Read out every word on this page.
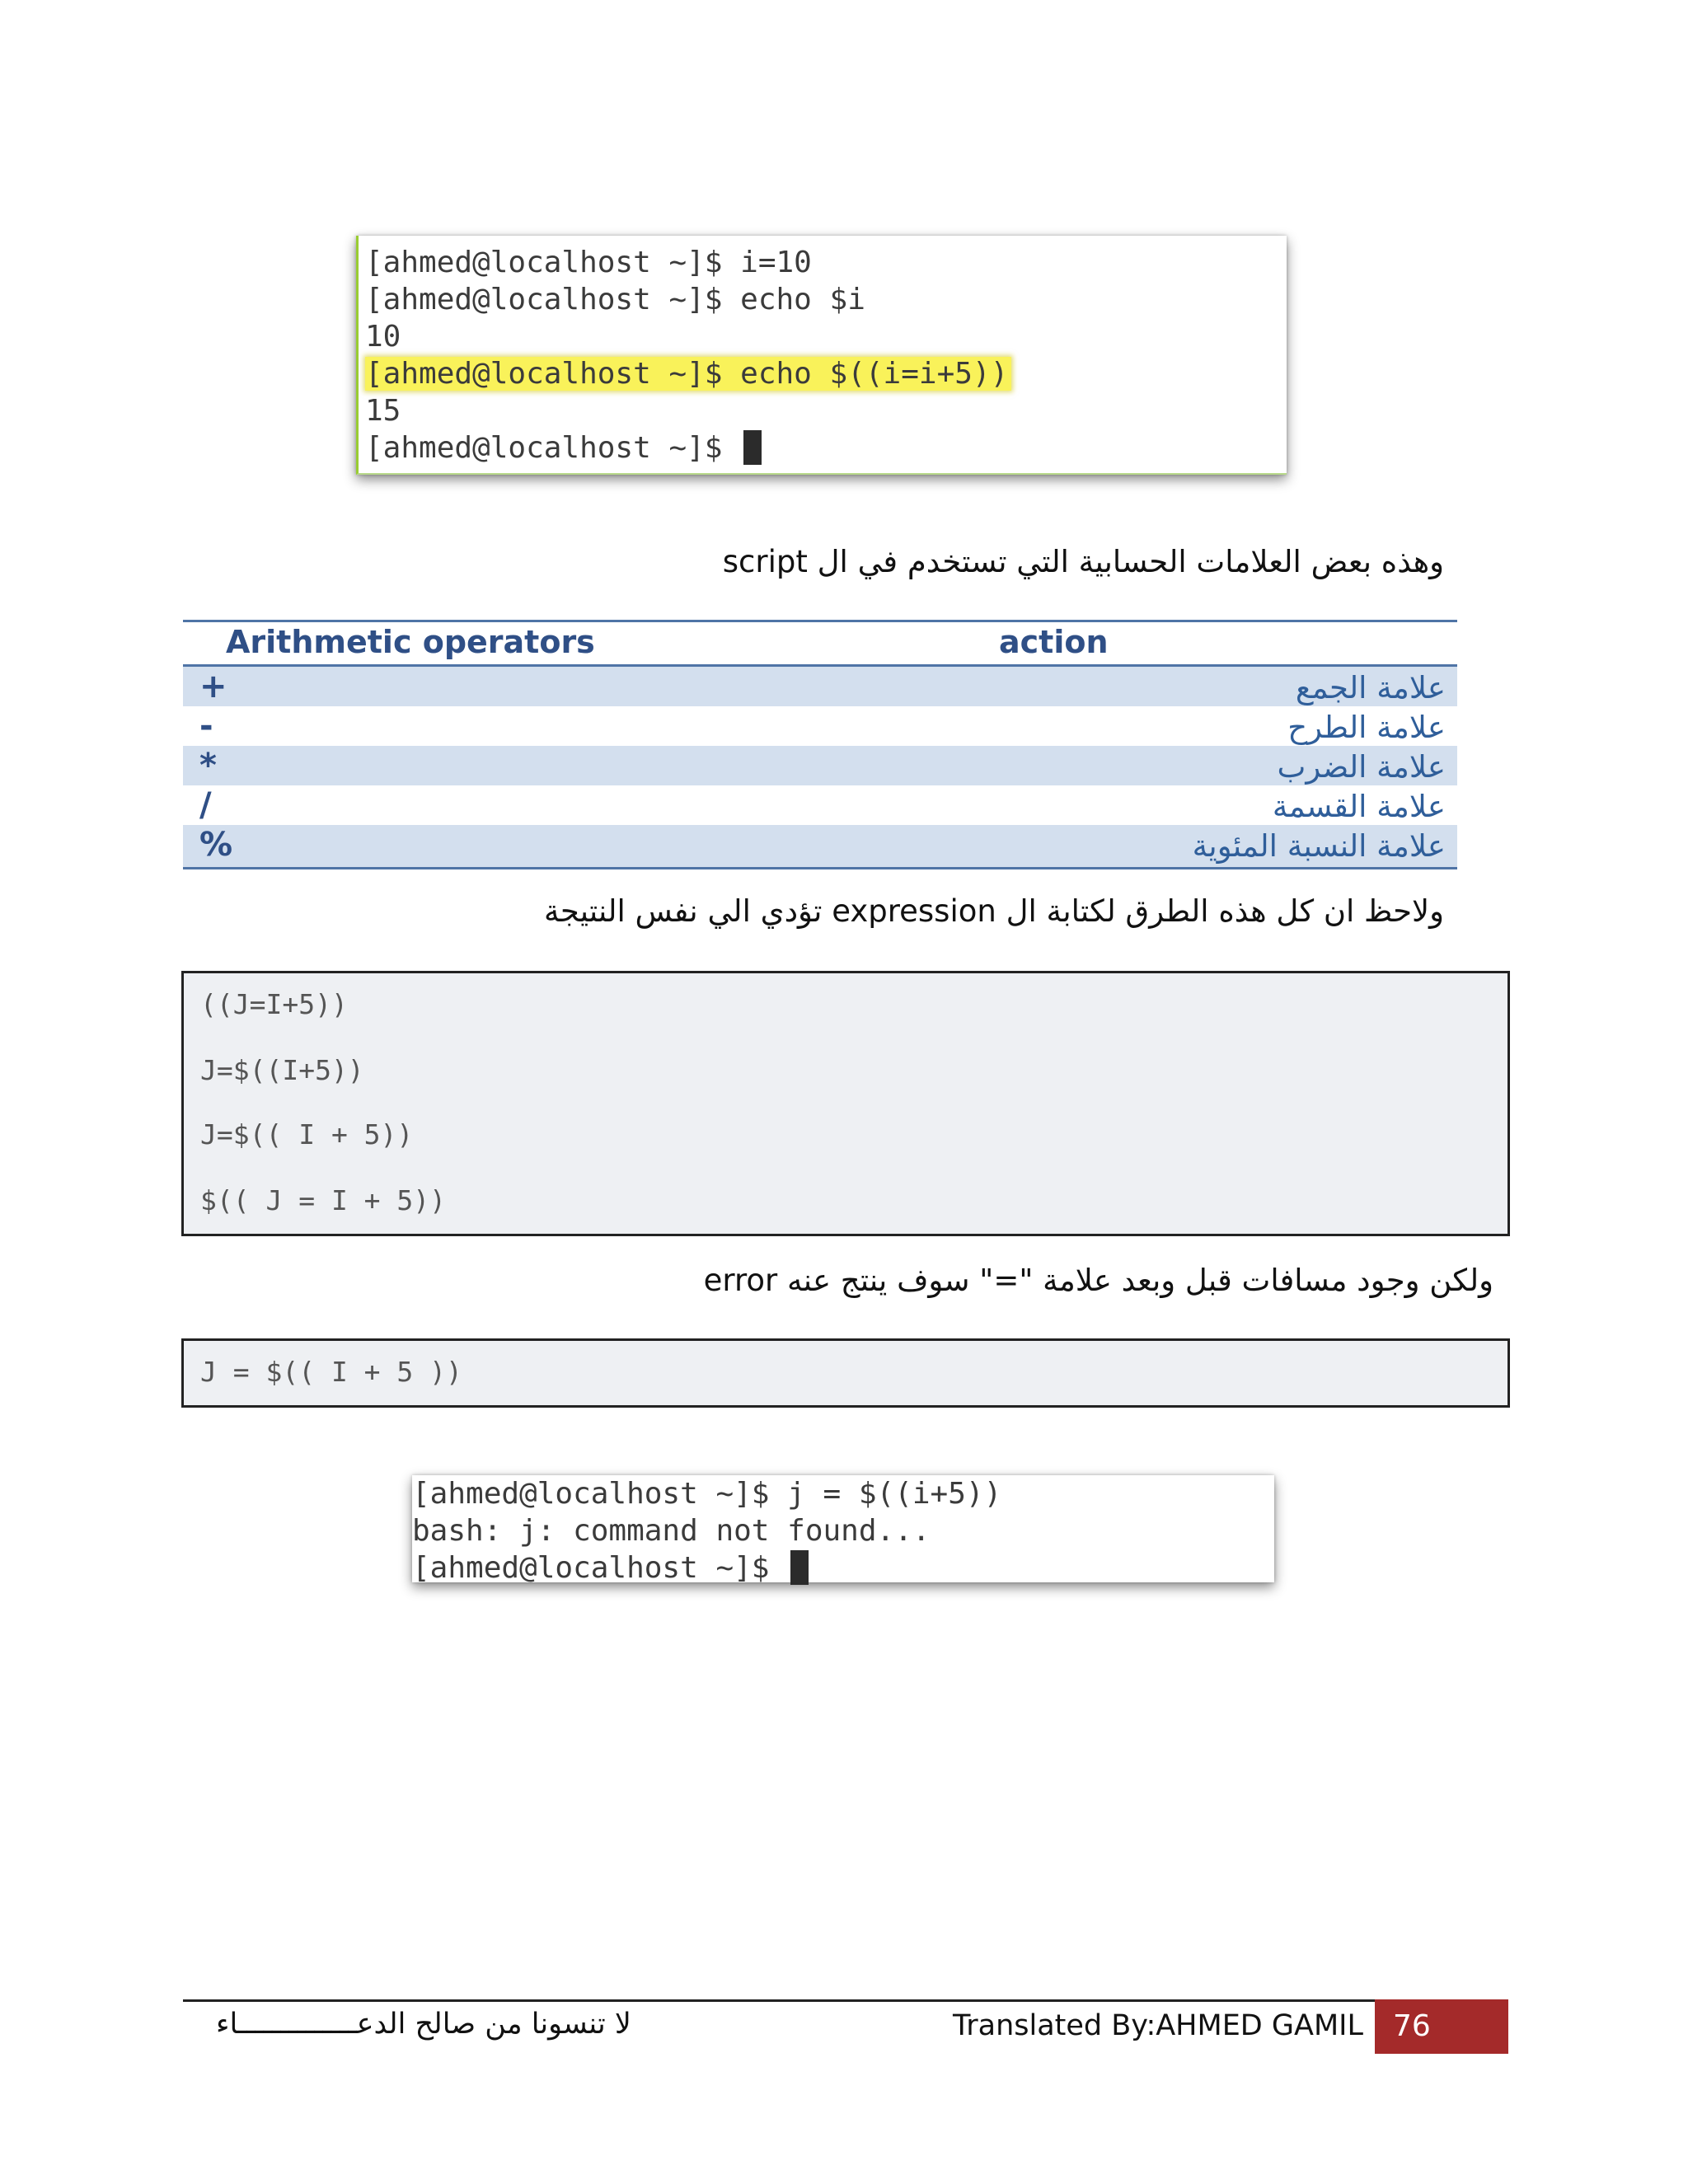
[ahmed@localhost ~]$ i=10
[ahmed@localhost ~]$ echo $i
10
[ahmed@localhost ~]$ echo $((i=i+5))
15
[ahmed@localhost ~]$
وهذه بعض العلامات الحسابية التي تستخدم في ال script
Arithmetic operators	action
+	علامة الجمع
-	علامة الطرح
*	علامة الضرب
/	علامة القسمة
%	علامة النسبة المئوية
ولاحظ ان كل هذه الطرق لكتابة ال expression تؤدي الي نفس النتيجة
((J=I+5))
J=$((I+5))
J=$(( I + 5))
$(( J = I + 5))
ولكن وجود مسافات قبل وبعد علامة "=" سوف ينتج عنه error
J = $(( I + 5 ))
[ahmed@localhost ~]$ j = $((i+5))
bash: j: command not found...
[ahmed@localhost ~]$
لا تنسونا من صالح الدعــــــــــــــاء	Translated By:AHMED GAMIL	76
